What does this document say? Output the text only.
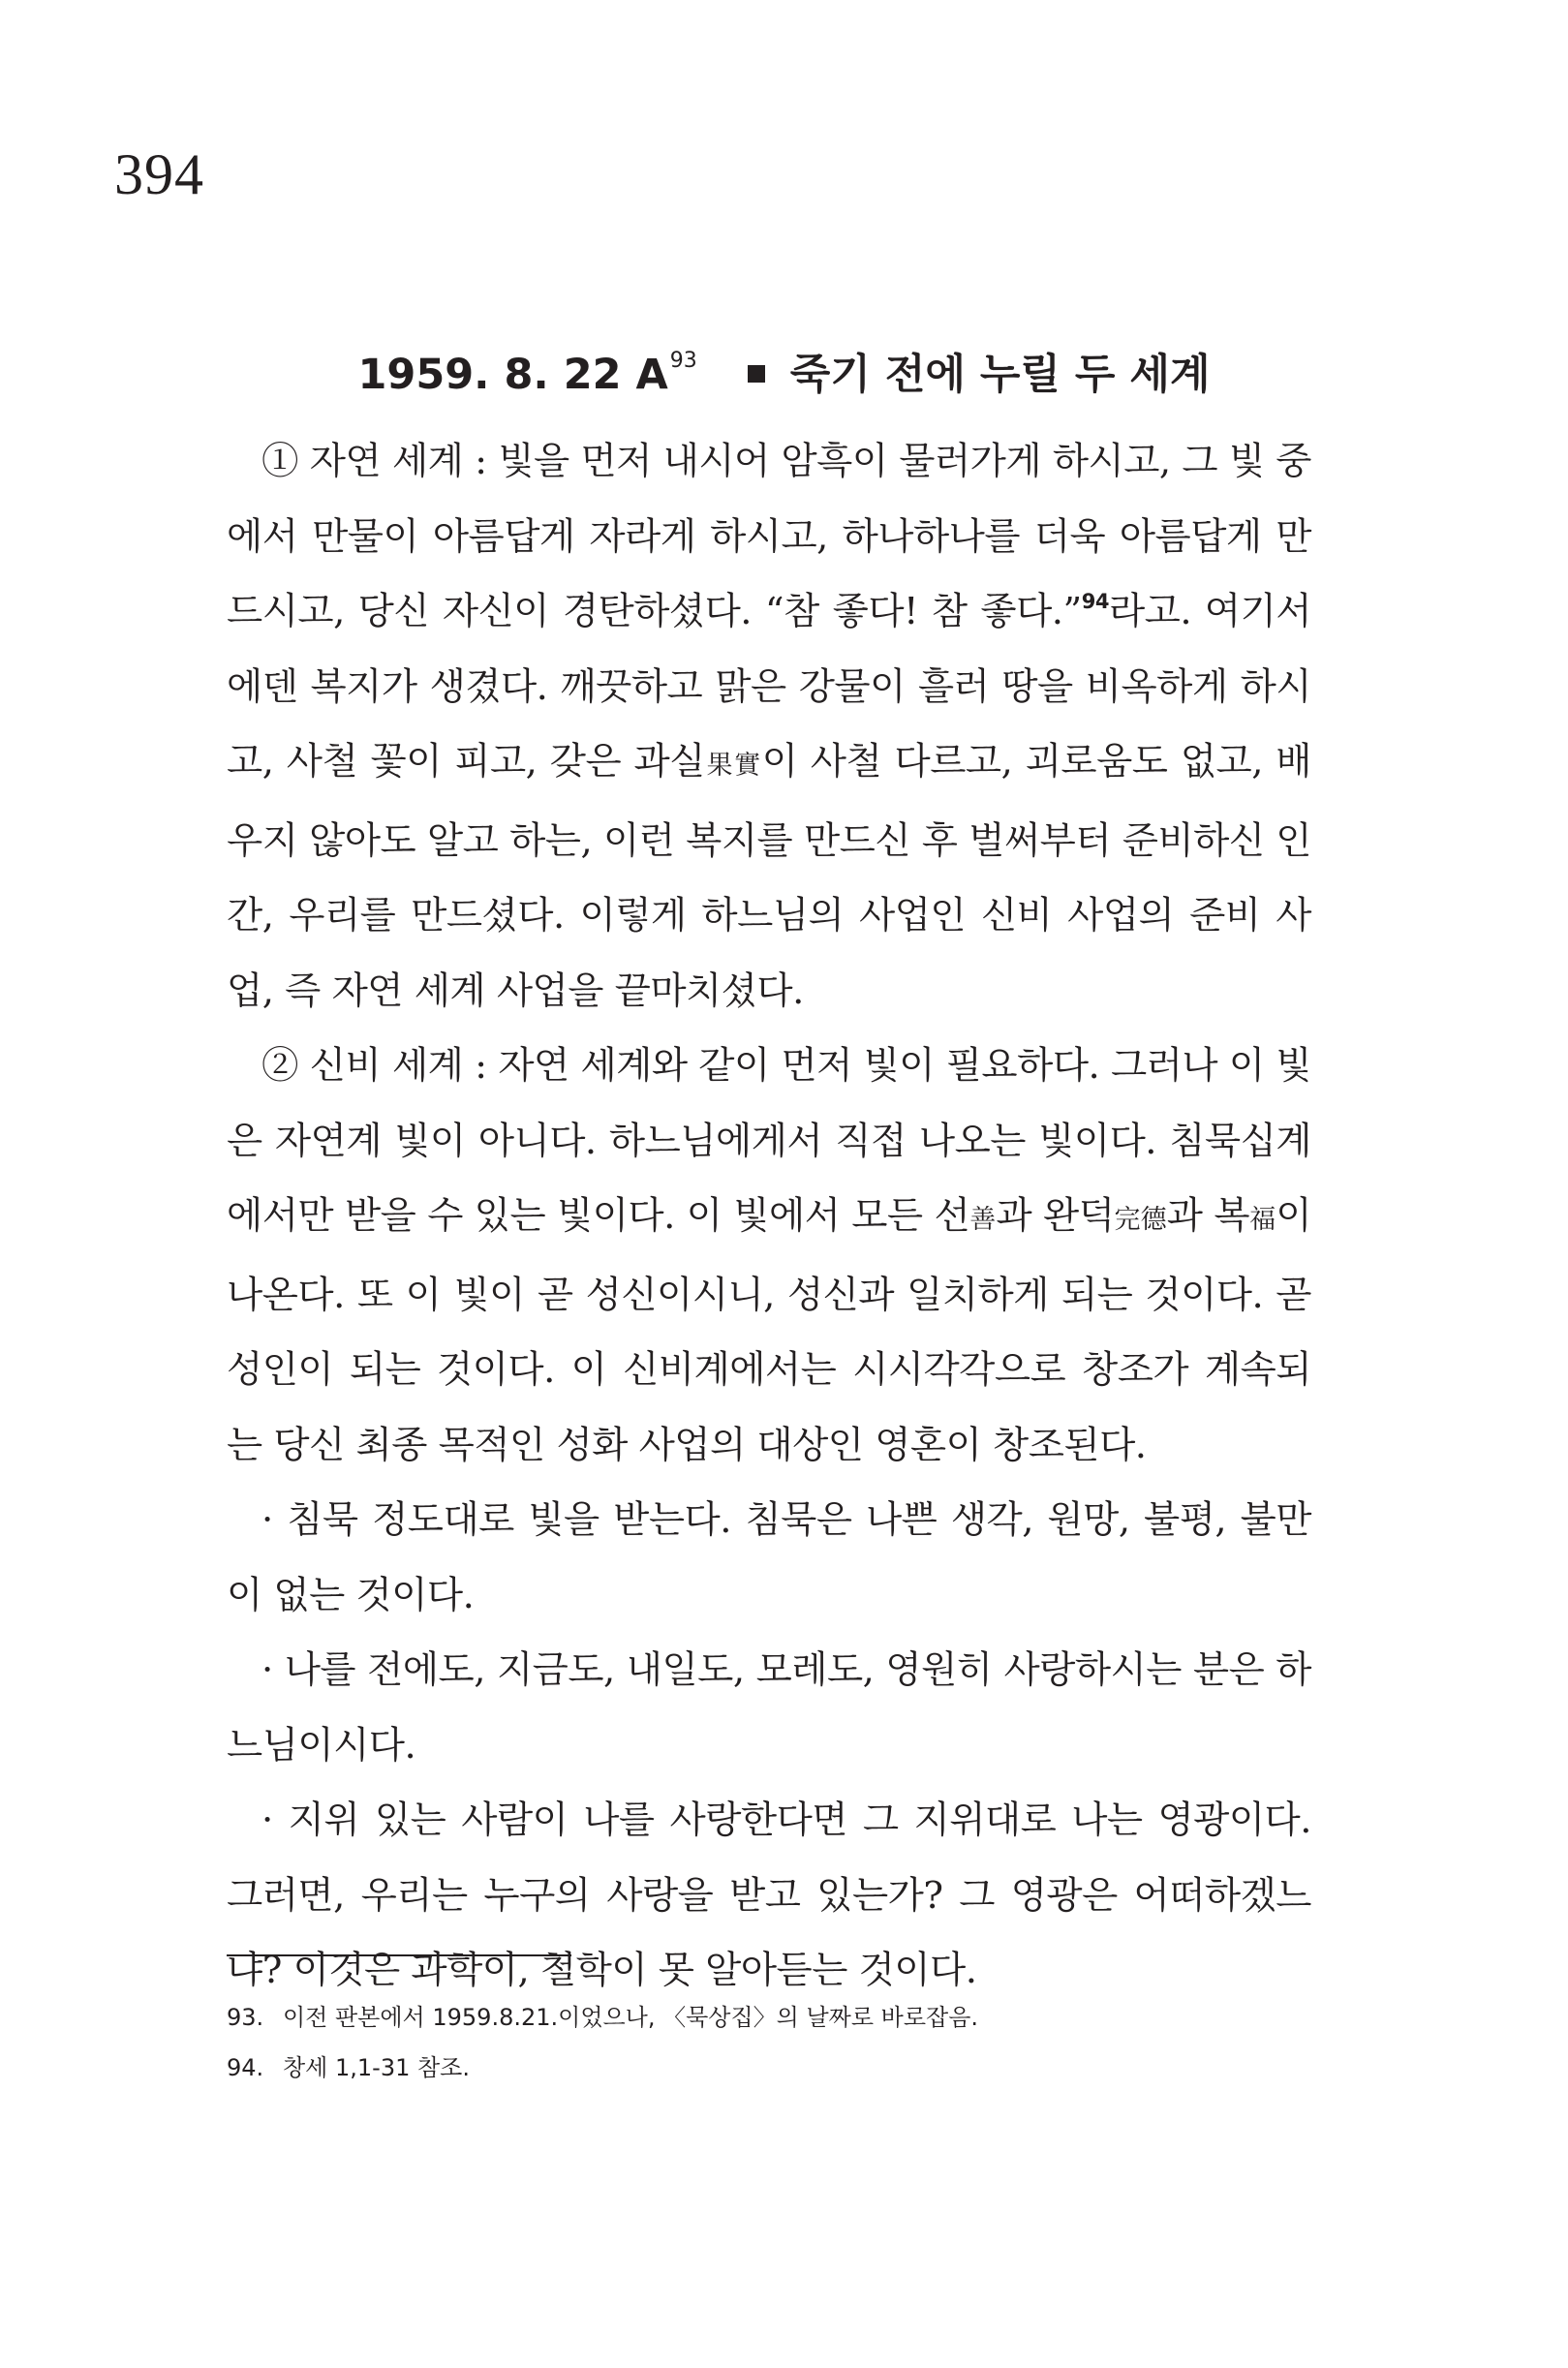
394
1959. 8. 22 $A^{93}$ 죽기 전에 누릴 두 세계

① 자연 세계 : 빛을 먼저 내시어 암흑이 물러가게 하시고, 그 빛 중에서 만물이 아름답게 자라게 하시고, 하나하나를 더욱 아름답게 만드시고, 당신 자신이 경탄하셨다. “참 좋다! 참 좋다.”$^{94}$라고. 여기서 에덴 복지가 생겼다. 깨끗하고 맑은 강물이 흘러 땅을 비옥하게 하시고, 사철 꽃이 피고, 갖은 과실果實이 사철 다르고, 괴로움도 없고, 배우지 않아도 알고 하는, 이런 복지를 만드신 후 벌써부터 준비하신 인간, 우리를 만드셨다. 이렇게 하느님의 사업인 신비 사업의 준비 사업, 즉 자연 세계 사업을 끝마치셨다.

② 신비 세계 : 자연 세계와 같이 먼저 빛이 필요하다. 그러나 이 빛은 자연계 빛이 아니다. 하느님에게서 직접 나오는 빛이다. 침묵십계에서만 받을 수 있는 빛이다. 이 빛에서 모든 선善과 완덕完德과 복福이 나온다. 또 이 빛이 곧 성신이시니, 성신과 일치하게 되는 것이다. 곧 성인이 되는 것이다. 이 신비계에서는 시시각각으로 창조가 계속되는 당신 최종 목적인 성화 사업의 대상인 영혼이 창조된다.

· 침묵 정도대로 빛을 받는다. 침묵은 나쁜 생각, 원망, 불평, 불만이 없는 것이다.

· 나를 전에도, 지금도, 내일도, 모레도, 영원히 사랑하시는 분은 하느님이시다.

· 지위 있는 사람이 나를 사랑한다면 그 지위대로 나는 영광이다. 그러면, 우리는 누구의 사랑을 받고 있는가? 그 영광은 어떠하겠느냐? 이것은 과학이, 철학이 못 알아듣는 것이다.

93. 이전 판본에서 1959.8.21.이었으나, 〈묵상집〉의 날짜로 바로잡음.
94. 창세 1,1-31 참조.
